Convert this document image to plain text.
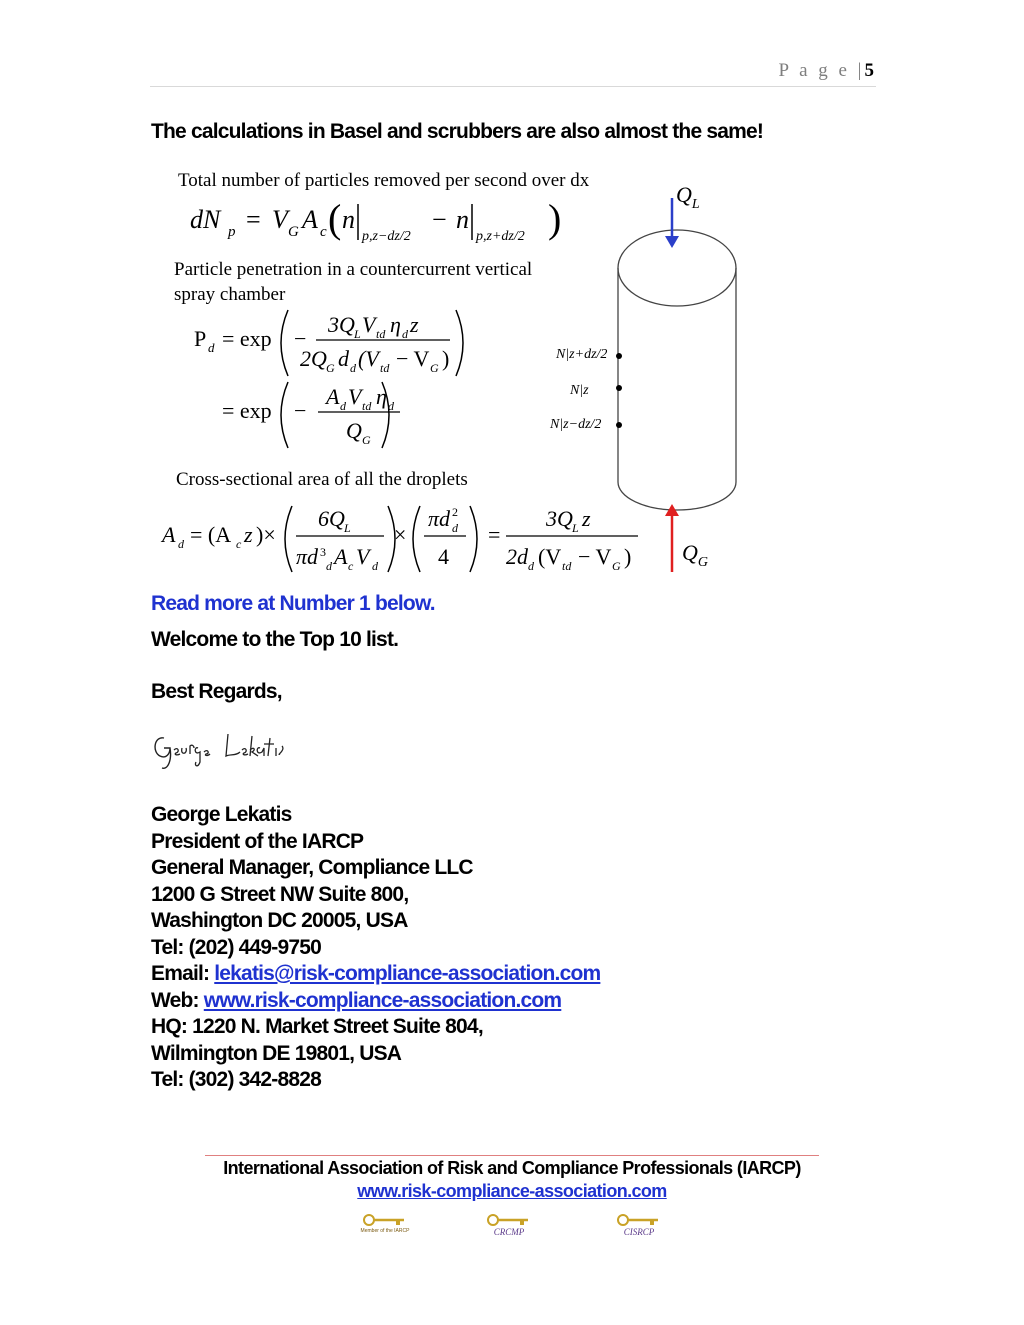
P a g e |5
The calculations in Basel and scrubbers are also almost the same!
Total number of particles removed per second over dx
dN p = V G A c ( n
p,z−dz/2
− n
p,z+dz/2 )
Particle penetration in a countercurrent vertical
spray chamber
P d = exp −
3Q L V td η d z
2Q G d d (V td − V G )
= exp −
A d V td η d
Q G
Cross-sectional area of all the droplets
A d = (A c z )×
6Q L
πd 3
d A c V d
×
πd 2
d
4
=
3Q L z
2d d (V td − V G )
$Q_L$
$Q_G$
N|z+dz/2
N|z
N|z−dz/2
Read more at Number 1 below.
Welcome to the Top 10 list.
Best Regards,
George Lekatis
President of the IARCP
General Manager, Compliance LLC
1200 G Street NW Suite 800,
Washington DC 20005, USA
Tel: (202) 449-9750
Email: lekatis@risk-compliance-association.com
Web: www.risk-compliance-association.com
HQ: 1220 N. Market Street Suite 804,
Wilmington DE 19801, USA
Tel: (302) 342-8828
International Association of Risk and Compliance Professionals (IARCP)
www.risk-compliance-association.com
Member of the IARCP	CRCMP	CISRCP
